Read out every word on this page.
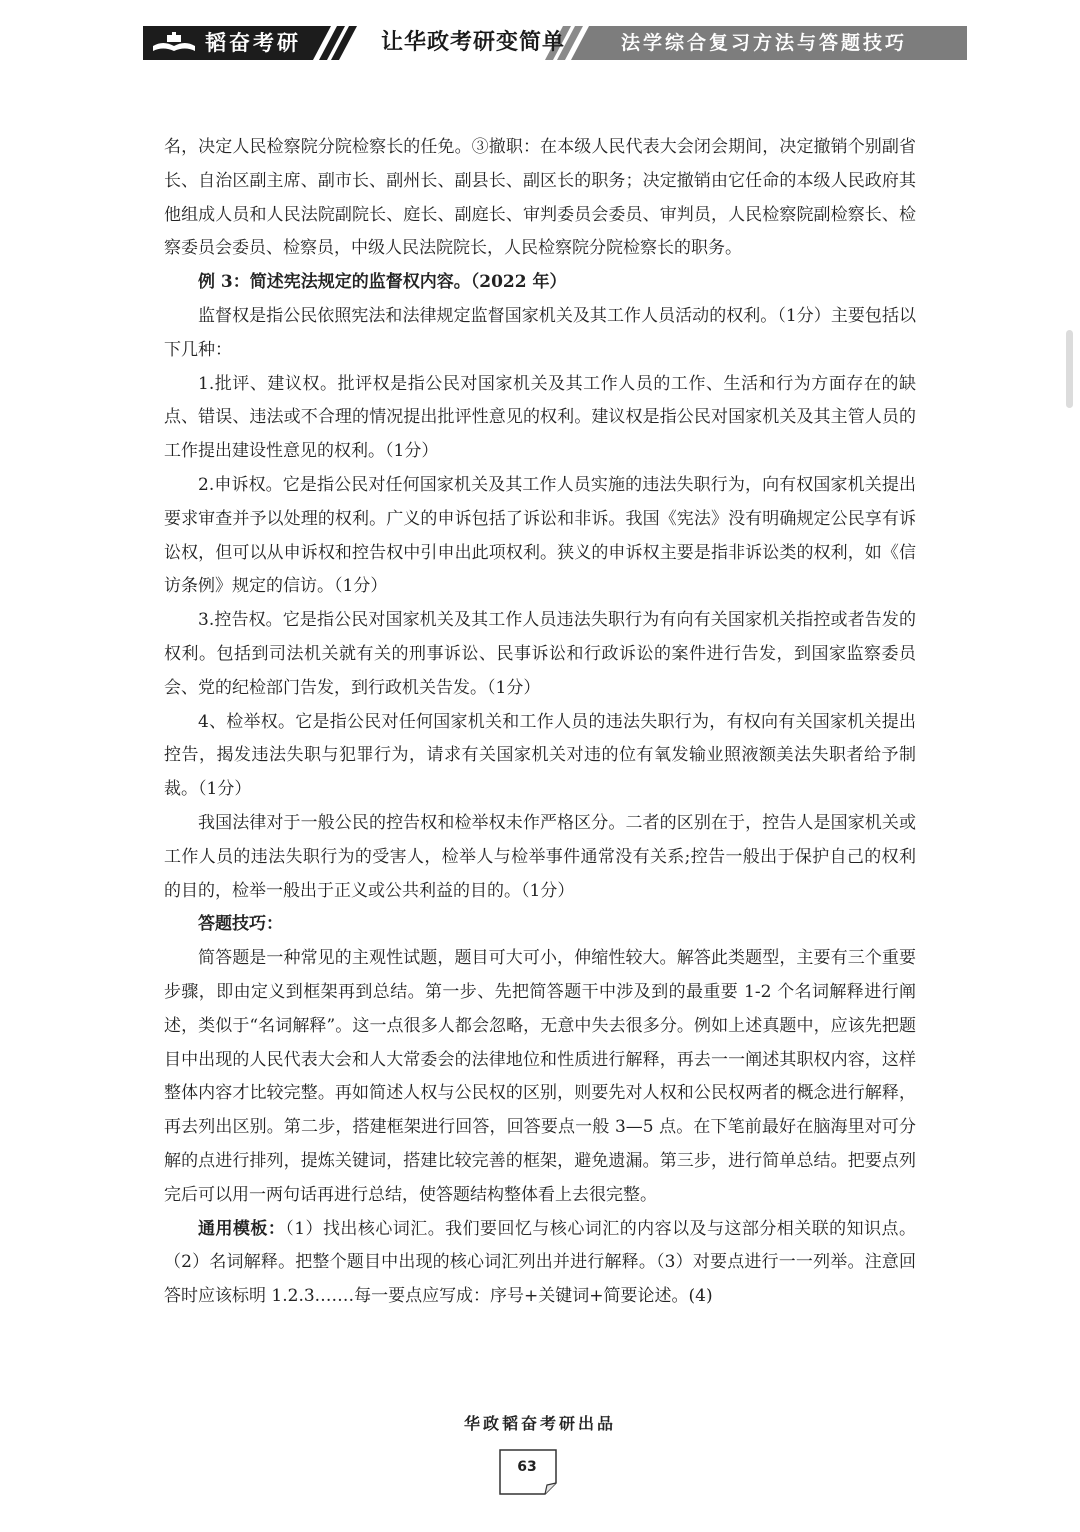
韬奋考研	让华政考研变简单	法学综合复习方法与答题技巧

名，决定人民检察院分院检察长的任免。③撤职：在本级人民代表大会闭会期间，决定撤销个别副省长、自治区副主席、副市长、副州长、副县长、副区长的职务；决定撤销由它任命的本级人民政府其他组成人员和人民法院副院长、庭长、副庭长、审判委员会委员、审判员，人民检察院副检察长、检察委员会委员、检察员，中级人民法院院长，人民检察院分院检察长的职务。

例 3：简述宪法规定的监督权内容。（2022 年）

监督权是指公民依照宪法和法律规定监督国家机关及其工作人员活动的权利。（1分）主要包括以下几种：

1.批评、建议权。批评权是指公民对国家机关及其工作人员的工作、生活和行为方面存在的缺点、错误、违法或不合理的情况提出批评性意见的权利。建议权是指公民对国家机关及其主管人员的工作提出建设性意见的权利。（1分）

2.申诉权。它是指公民对任何国家机关及其工作人员实施的违法失职行为，向有权国家机关提出要求审查并予以处理的权利。广义的申诉包括了诉讼和非诉。我国《宪法》没有明确规定公民享有诉讼权，但可以从申诉权和控告权中引申出此项权利。狭义的申诉权主要是指非诉讼类的权利，如《信访条例》规定的信访。（1分）

3.控告权。它是指公民对国家机关及其工作人员违法失职行为有向有关国家机关指控或者告发的权利。包括到司法机关就有关的刑事诉讼、民事诉讼和行政诉讼的案件进行告发，到国家监察委员会、党的纪检部门告发，到行政机关告发。（1分）

4、检举权。它是指公民对任何国家机关和工作人员的违法失职行为，有权向有关国家机关提出控告，揭发违法失职与犯罪行为，请求有关国家机关对违的位有氧发输业照液额美法失职者给予制裁。（1分）

我国法律对于一般公民的控告权和检举权未作严格区分。二者的区别在于，控告人是国家机关或工作人员的违法失职行为的受害人，检举人与检举事件通常没有关系;控告一般出于保护自己的权利的目的，检举一般出于正义或公共利益的目的。（1分）

答题技巧：

简答题是一种常见的主观性试题，题目可大可小，伸缩性较大。解答此类题型，主要有三个重要步骤，即由定义到框架再到总结。第一步、先把简答题干中涉及到的最重要 1-2 个名词解释进行阐述，类似于“名词解释”。这一点很多人都会忽略，无意中失去很多分。例如上述真题中，应该先把题目中出现的人民代表大会和人大常委会的法律地位和性质进行解释，再去一一阐述其职权内容，这样整体内容才比较完整。再如简述人权与公民权的区别，则要先对人权和公民权两者的概念进行解释，再去列出区别。第二步，搭建框架进行回答，回答要点一般 3—5 点。在下笔前最好在脑海里对可分解的点进行排列，提炼关键词，搭建比较完善的框架，避免遗漏。第三步，进行简单总结。把要点列完后可以用一两句话再进行总结，使答题结构整体看上去很完整。

通用模板：（1）找出核心词汇。我们要回忆与核心词汇的内容以及与这部分相关联的知识点。（2）名词解释。把整个题目中出现的核心词汇列出并进行解释。（3）对要点进行一一列举。注意回答时应该标明 1.2.3.……每一要点应写成：序号+关键词+简要论述。(4)

华政韬奋考研出品
63
